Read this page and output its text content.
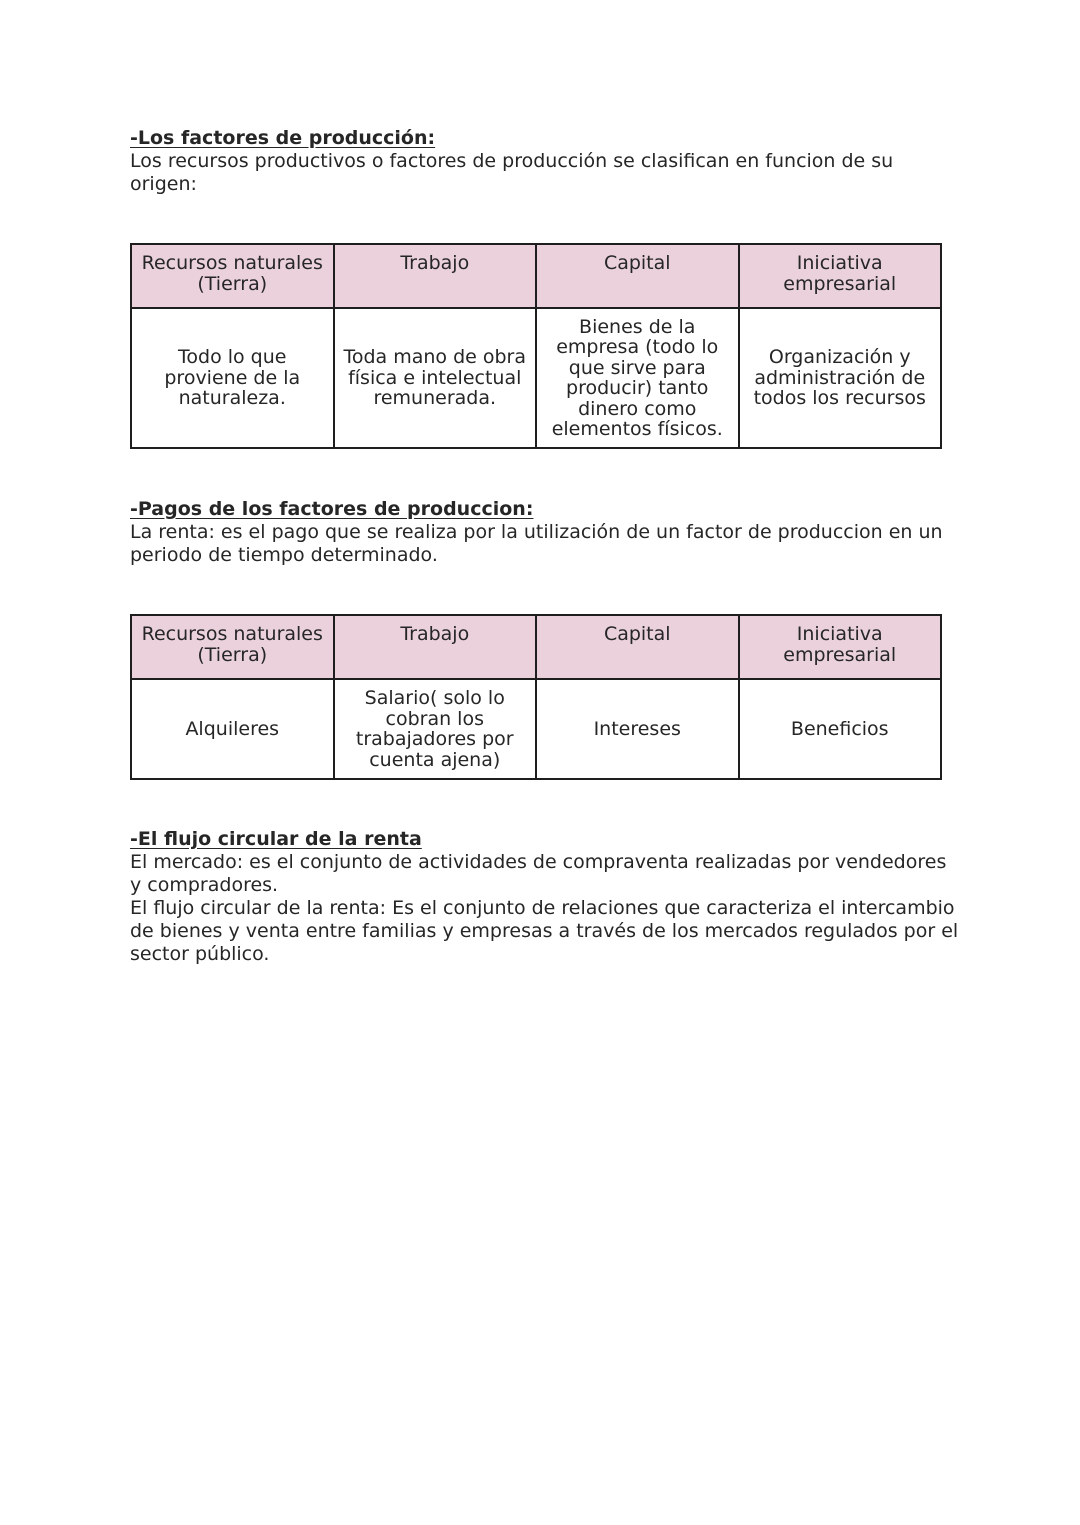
-Los factores de producción:

Los recursos productivos o factores de producción se clasifican en funcion de su origen:

Recursos naturales (Tierra)	Trabajo	Capital	Iniciativa empresarial
Todo lo que proviene de la naturaleza.	Toda mano de obra física e intelectual remunerada.	Bienes de la empresa (todo lo que sirve para producir) tanto dinero como elementos físicos.	Organización y administración de todos los recursos

-Pagos de los factores de produccion:

La renta: es el pago que se realiza por la utilización de un factor de produccion en un periodo de tiempo determinado.

Recursos naturales (Tierra)	Trabajo	Capital	Iniciativa empresarial
Alquileres	Salario( solo lo cobran los trabajadores por cuenta ajena)	Intereses	Beneficios

-El flujo circular de la renta

El mercado: es el conjunto de actividades de compraventa realizadas por vendedores y compradores.

El flujo circular de la renta: Es el conjunto de relaciones que caracteriza el intercambio de bienes y venta entre familias y empresas a través de los mercados regulados por el sector público.
